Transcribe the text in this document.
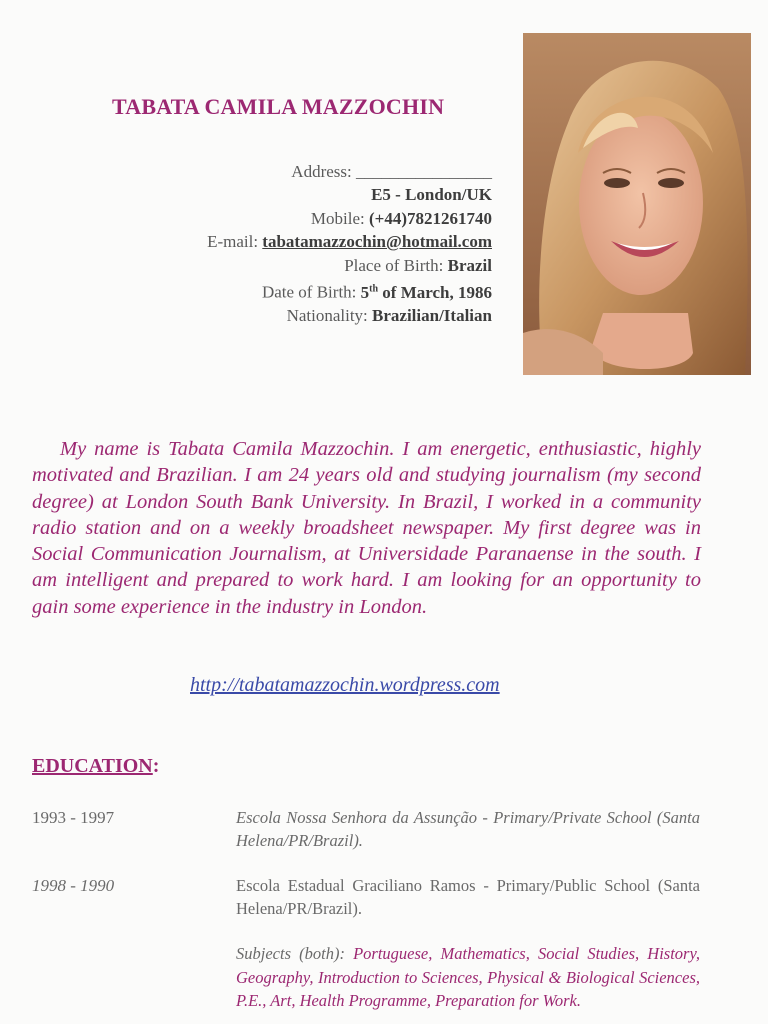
TABATA CAMILA MAZZOCHIN
Address: ________________
E5 - London/UK
Mobile: (+44)7821261740
E-mail: tabatamazzochin@hotmail.com
Place of Birth: Brazil
Date of Birth: 5th of March, 1986
Nationality: Brazilian/Italian

My name is Tabata Camila Mazzochin. I am energetic, enthusiastic, highly motivated and Brazilian. I am 24 years old and studying journalism (my second degree) at London South Bank University. In Brazil, I worked in a community radio station and on a weekly broadsheet newspaper. My first degree was in Social Communication Journalism, at Universidade Paranaense in the south. I am intelligent and prepared to work hard. I am looking for an opportunity to gain some experience in the industry in London.

http://tabatamazzochin.wordpress.com
EDUCATION:
1993 - 1997	Escola Nossa Senhora da Assunção - Primary/Private School (Santa Helena/PR/Brazil).

1998 - 1990	Escola Estadual Graciliano Ramos - Primary/Public School (Santa Helena/PR/Brazil).

Subjects (both): Portuguese, Mathematics, Social Studies, History, Geography, Introduction to Sciences, Physical & Biological Sciences, P.E., Art, Health Programme, Preparation for Work.
